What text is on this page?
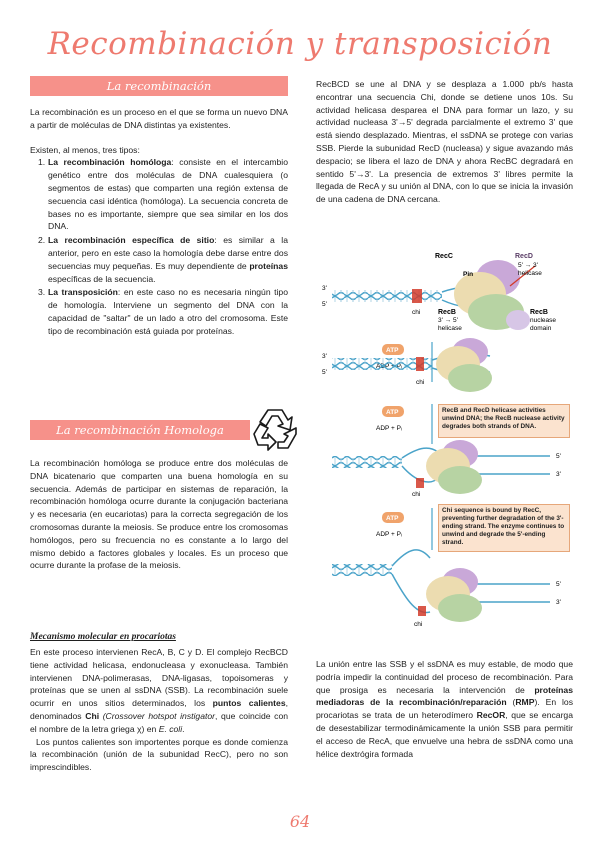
Recombinación y transposición
La recombinación

La recombinación es un proceso en el que se forma un nuevo DNA a partir de moléculas de DNA distintas ya existentes.

Existen, al menos, tres tipos:

1. La recombinación homóloga: consiste en el intercambio genético entre dos moléculas de DNA cualesquiera (o segmentos de estas) que comparten una región extensa de secuencia casi idéntica (homóloga). La secuencia concreta de bases no es importante, siempre que sea similar en los dos DNA.
2. La recombinación específica de sitio: es similar a la anterior, pero en este caso la homología debe darse entre dos secuencias muy pequeñas. Es muy dependiente de proteínas específicas de la secuencia.
3. La transposición: en este caso no es necesaria ningún tipo de homología. Interviene un segmento del DNA con la capacidad de "saltar" de un lado a otro del cromosoma. Este tipo de recombinación está guiada por proteínas.
La recombinación Homologa
La recombinación homóloga se produce entre dos moléculas de DNA bicatenario que comparten una buena homología en su secuencia. Además de participar en sistemas de reparación, la recombinación homóloga ocurre durante la conjugación bacteriana y es necesaria (en eucariotas) para la correcta segregación de los cromosomas durante la meiosis. Se produce entre los cromosomas homólogos, pero su frecuencia no es constante a lo largo del mismo debido a factores globales y locales. Es un proceso que ocurre durante la profase de la meiosis.
Mecanismo molecular en procariotas

En este proceso intervienen RecA, B, C y D. El complejo RecBCD tiene actividad helicasa, endonucleasa y exonucleasa. También intervienen DNA-polimerasas, DNA-ligasas, topoisomeras y proteínas que se unen al ssDNA (SSB). La recombinación suele ocurrir en unos sitios determinados, los puntos calientes, denominados Chi (Crossover hotspot instigator, que coincide con el nombre de la letra griega χ) en E. coli.

Los puntos calientes son importentes porque es donde comienza la recombinación (unión de la subunidad RecC), pero no son imprescindibles.

RecBCD se une al DNA y se desplaza a 1.000 pb/s hasta encontrar una secuencia Chi, donde se detiene unos 10s. Su actividad helicasa desparea el DNA para formar un lazo, y su actividad nucleasa 3'→5' degrada parcialmente el extremo 3' que está siendo desplazado. Mientras, el ssDNA se protege con varias SSB. Pierde la subunidad RecD (nucleasa) y sigue avazando más despacio; se libera el lazo de DNA y ahora RecBC degradará en sentido 5'→3'. La presencia de extremos 3' libres permite la llegada de RecA y su unión al DNA, con lo que se inicia la invasión de una cadena de DNA cercana.
RecD
5' → 3'
helicase
RecC
Pin
RecB
3' → 5'
helicase
RecB
nuclease
domain
3'
5'
chi
ATP
3'
5'
chi
ATP
ADP + Pᵢ
RecB and RecD helicase activities unwind DNA; the RecB nuclease activity degrades both strands of DNA.
chi
5'
3'
ATP
ADP + Pᵢ
Chi sequence is bound by RecC, preventing further degradation of the 3'-ending strand. The enzyme continues to unwind and degrade the 5'-ending strand.
chi
5'
3'
La unión entre las SSB y el ssDNA es muy estable, de modo que podría impedir la continuidad del proceso de recombinación. Para que prosiga es necesaria la intervención de proteínas mediadoras de la recombinación/reparación (RMP). En los procariotas se trata de un heterodímero RecOR, que se encarga de desestabilizar termodinámicamente la unión SSB para permitir el acceso de RecA, que envuelve una hebra de ssDNA como una hélice dextrógira formada
64
